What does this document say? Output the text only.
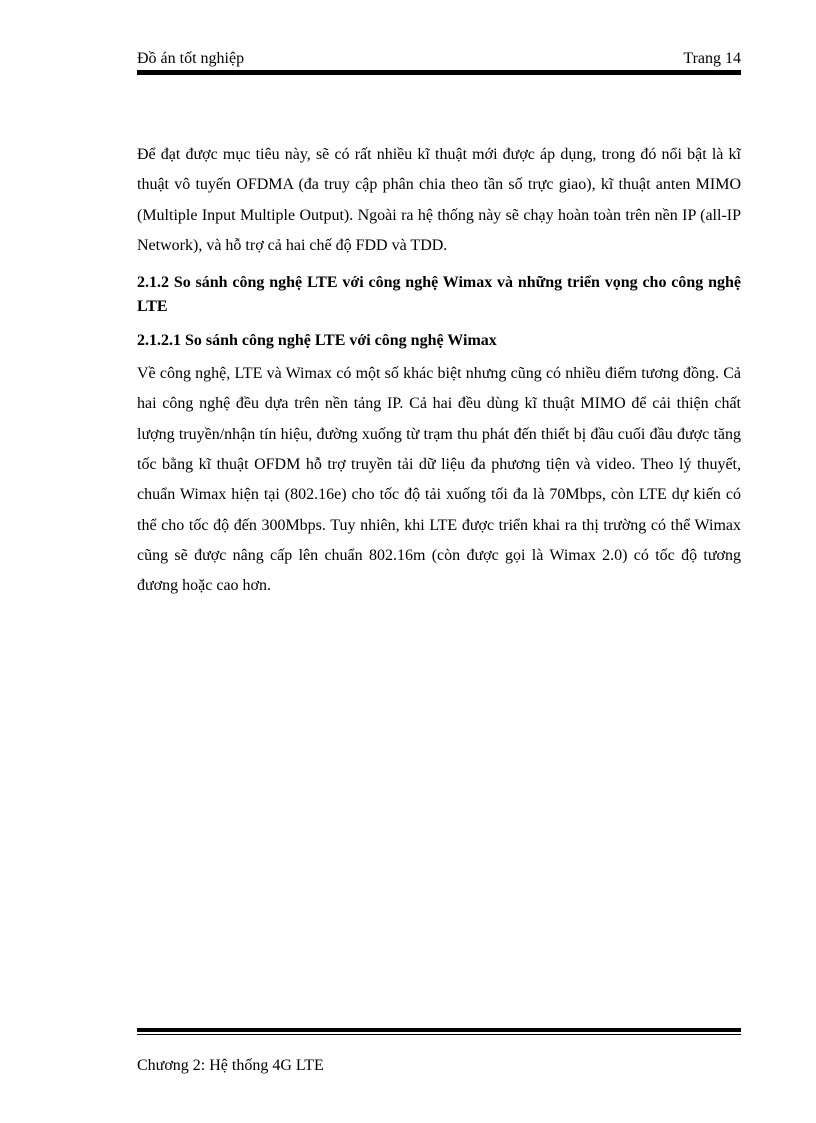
Đồ án tốt nghiệp	Trang 14

Để đạt được mục tiêu này, sẽ có rất nhiều kĩ thuật mới được áp dụng, trong đó nổi bật là kĩ thuật vô tuyến OFDMA (đa truy cập phân chia theo tần số trực giao), kĩ thuật anten MIMO (Multiple Input Multiple Output). Ngoài ra hệ thống này sẽ chạy hoàn toàn trên nền IP (all-IP Network), và hỗ trợ cả hai chế độ FDD và TDD.

2.1.2 So sánh công nghệ LTE với công nghệ Wimax và những triển vọng cho công nghệ LTE
2.1.2.1 So sánh công nghệ LTE với công nghệ Wimax

Về công nghệ, LTE và Wimax có một số khác biệt nhưng cũng có nhiều điểm tương đồng. Cả hai công nghệ đều dựa trên nền tảng IP. Cả hai đều dùng kĩ thuật MIMO để cải thiện chất lượng truyền/nhận tín hiệu, đường xuống từ trạm thu phát đến thiết bị đầu cuối đầu được tăng tốc bằng kĩ thuật OFDM hỗ trợ truyền tải dữ liệu đa phương tiện và video. Theo lý thuyết, chuẩn Wimax hiện tại (802.16e) cho tốc độ tải xuống tối đa là 70Mbps, còn LTE dự kiến có thể cho tốc độ đến 300Mbps. Tuy nhiên, khi LTE được triển khai ra thị trường có thể Wimax cũng sẽ được nâng cấp lên chuẩn 802.16m (còn được gọi là Wimax 2.0) có tốc độ tương đương hoặc cao hơn.

Chương 2: Hệ thống 4G LTE
